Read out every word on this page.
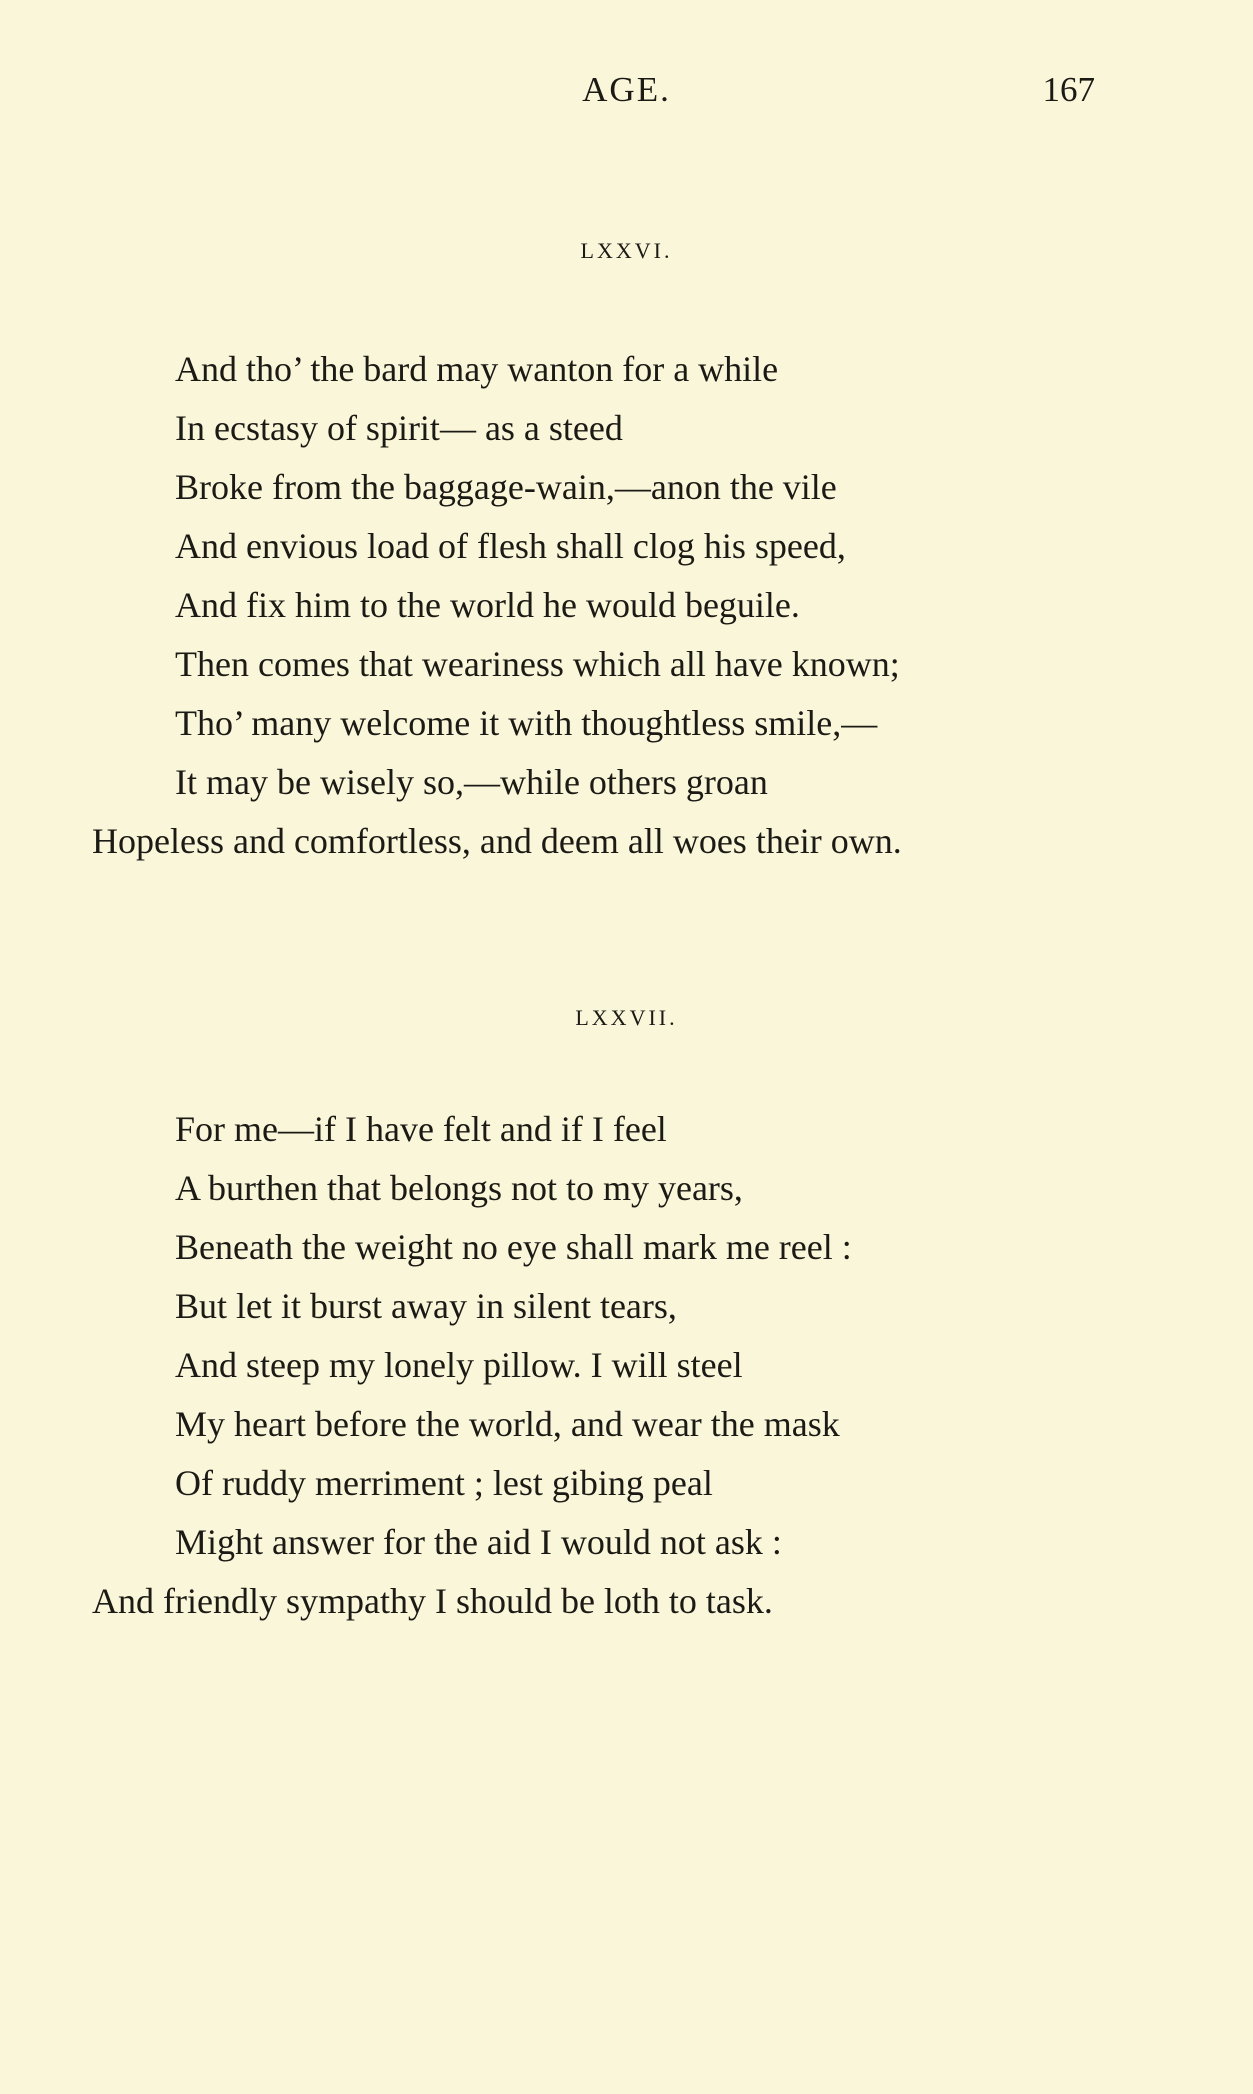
AGE.	167
LXXVI.
And tho’ the bard may wanton for a while
In ecstasy of spirit— as a steed
Broke from the baggage-wain,—anon the vile
And envious load of flesh shall clog his speed,
And fix him to the world he would beguile.
Then comes that weariness which all have known;
Tho’ many welcome it with thoughtless smile,—
It may be wisely so,—while others groan
Hopeless and comfortless, and deem all woes their own.
LXXVII.
For me—if I have felt and if I feel
A burthen that belongs not to my years,
Beneath the weight no eye shall mark me reel :
But let it burst away in silent tears,
And steep my lonely pillow. I will steel
My heart before the world, and wear the mask
Of ruddy merriment ; lest gibing peal
Might answer for the aid I would not ask :
And friendly sympathy I should be loth to task.
